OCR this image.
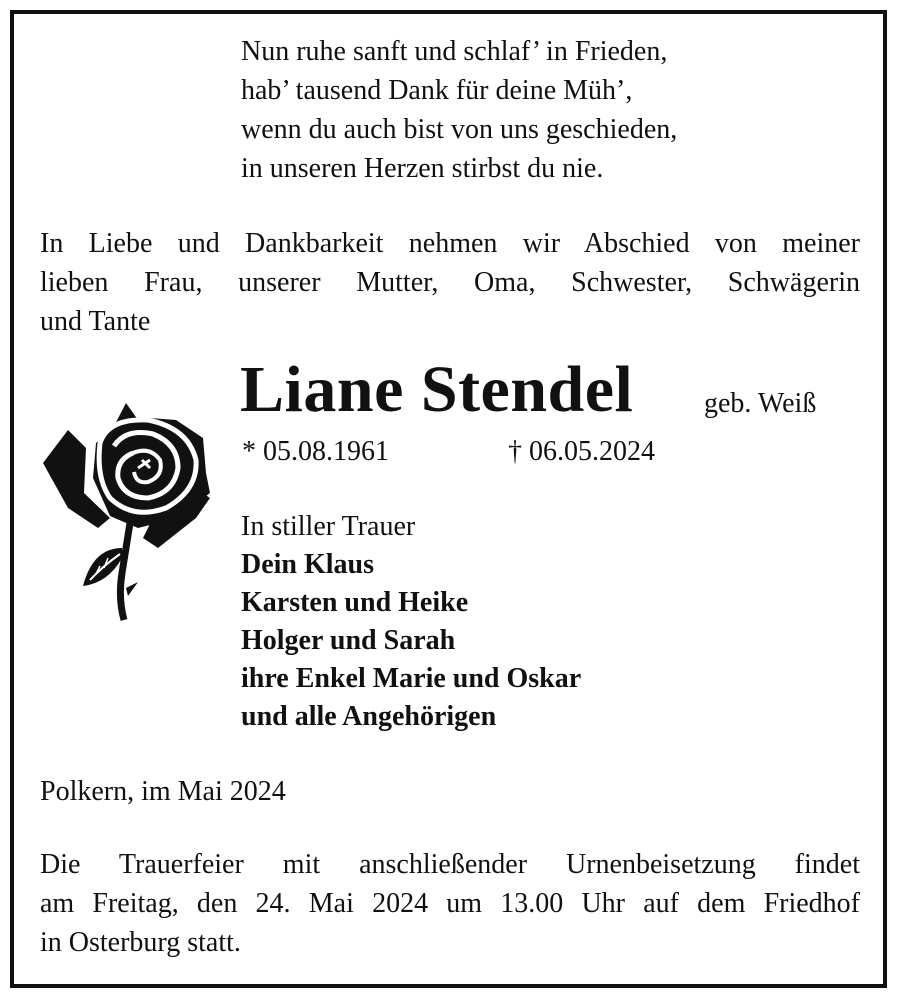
Nun ruhe sanft und schlaf’ in Frieden,
hab’ tausend Dank für deine Müh’,
wenn du auch bist von uns geschieden,
in unseren Herzen stirbst du nie.
In Liebe und Dankbarkeit nehmen wir Abschied von meiner
lieben Frau, unserer Mutter, Oma, Schwester, Schwägerin
und Tante
Liane Stendel	geb. Weiß
* 05.08.1961	† 06.05.2024
In stiller Trauer
Dein Klaus
Karsten und Heike
Holger und Sarah
ihre Enkel Marie und Oskar
und alle Angehörigen
Polkern, im Mai 2024
Die Trauerfeier mit anschließender Urnenbeisetzung findet
am Freitag, den 24. Mai 2024 um 13.00 Uhr auf dem Friedhof
in Osterburg statt.
